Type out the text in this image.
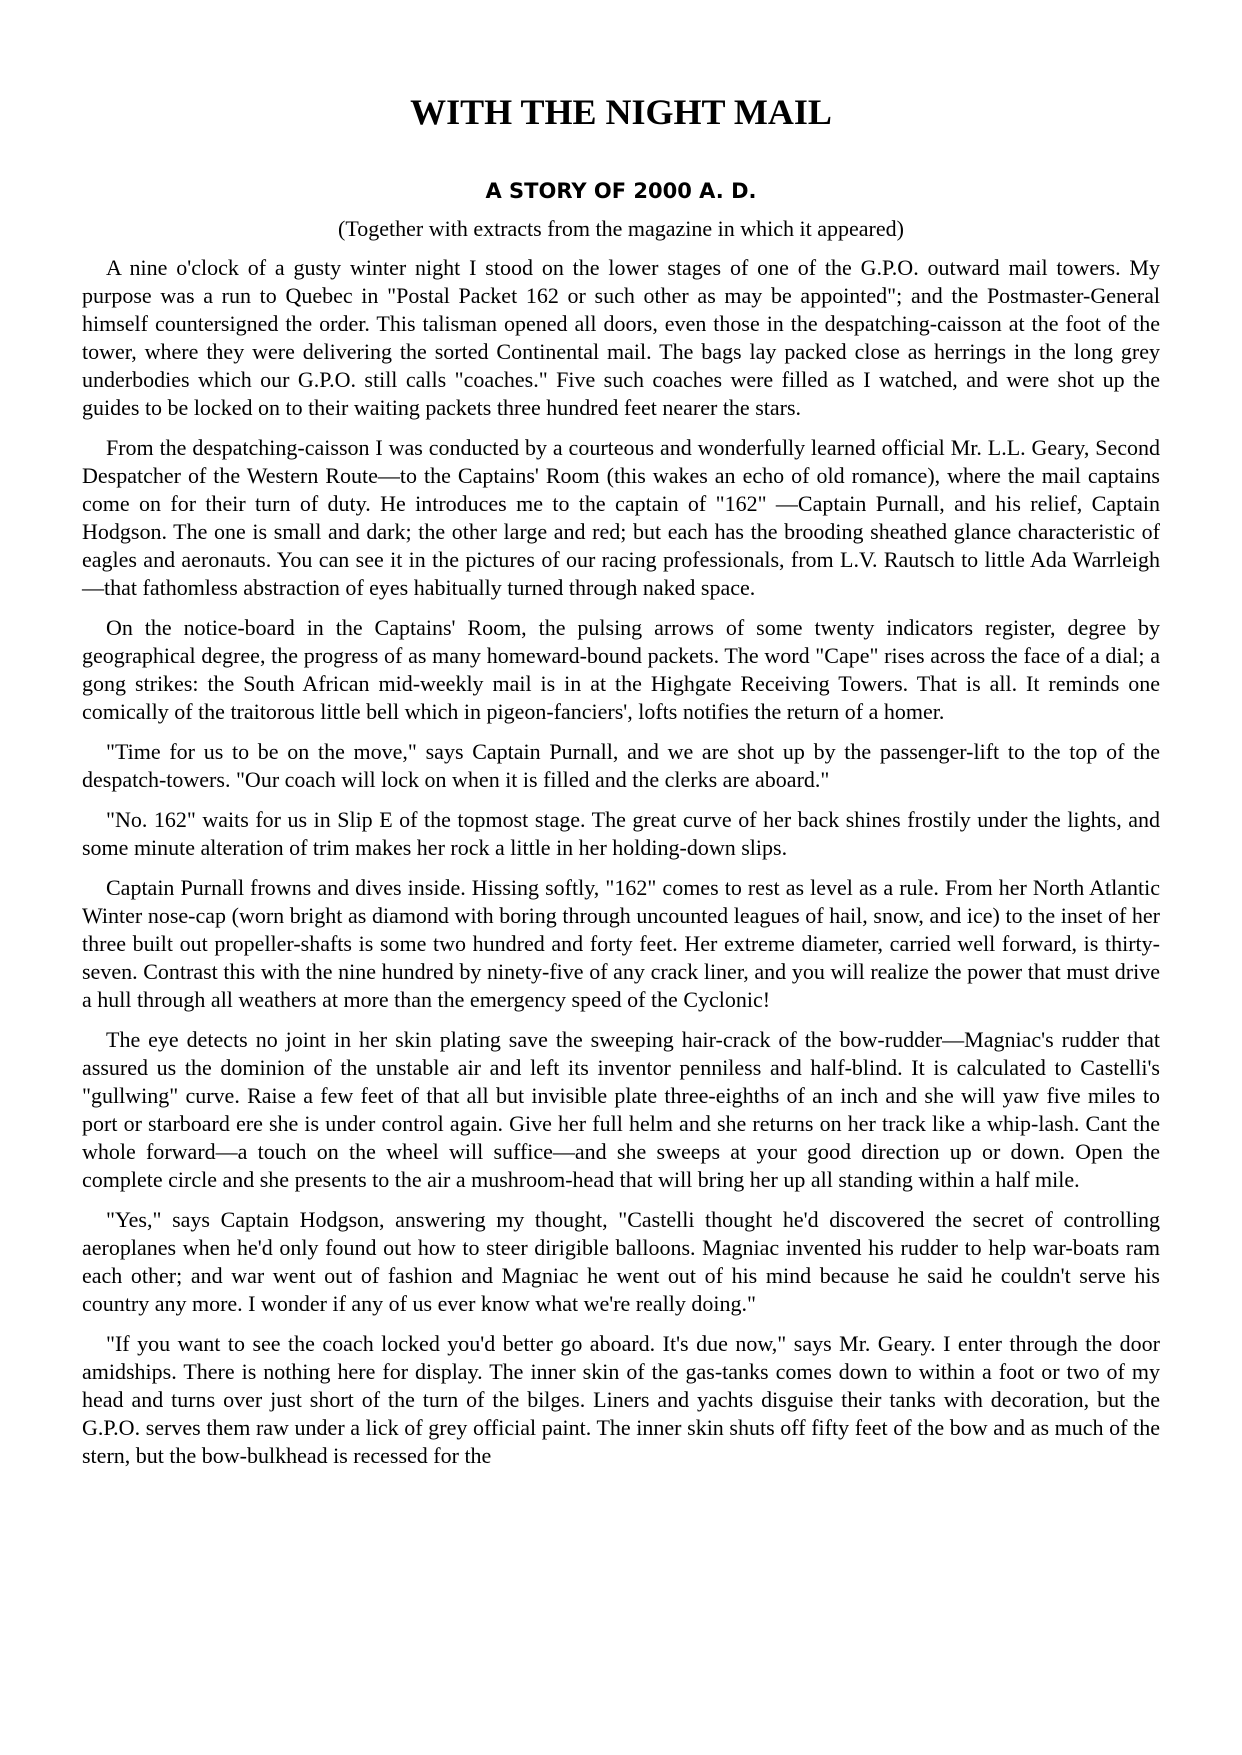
WITH THE NIGHT MAIL
A STORY OF 2000 A. D.

(Together with extracts from the magazine in which it appeared)

A nine o'clock of a gusty winter night I stood on the lower stages of one of the G.P.O. outward mail towers. My purpose was a run to Quebec in "Postal Packet 162 or such other as may be appointed"; and the Postmaster-General himself countersigned the order. This talisman opened all doors, even those in the despatching-caisson at the foot of the tower, where they were delivering the sorted Continental mail. The bags lay packed close as herrings in the long grey underbodies which our G.P.O. still calls "coaches." Five such coaches were filled as I watched, and were shot up the guides to be locked on to their waiting packets three hundred feet nearer the stars.

From the despatching-caisson I was conducted by a courteous and wonderfully learned official Mr. L.L. Geary, Second Despatcher of the Western Route—to the Captains' Room (this wakes an echo of old romance), where the mail captains come on for their turn of duty. He introduces me to the captain of "162" —Captain Purnall, and his relief, Captain Hodgson. The one is small and dark; the other large and red; but each has the brooding sheathed glance characteristic of eagles and aeronauts. You can see it in the pictures of our racing professionals, from L.V. Rautsch to little Ada Warrleigh—that fathomless abstraction of eyes habitually turned through naked space.

On the notice-board in the Captains' Room, the pulsing arrows of some twenty indicators register, degree by geographical degree, the progress of as many homeward-bound packets. The word "Cape" rises across the face of a dial; a gong strikes: the South African mid-weekly mail is in at the Highgate Receiving Towers. That is all. It reminds one comically of the traitorous little bell which in pigeon-fanciers', lofts notifies the return of a homer.

"Time for us to be on the move," says Captain Purnall, and we are shot up by the passenger-lift to the top of the despatch-towers. "Our coach will lock on when it is filled and the clerks are aboard."

"No. 162" waits for us in Slip E of the topmost stage. The great curve of her back shines frostily under the lights, and some minute alteration of trim makes her rock a little in her holding-down slips.

Captain Purnall frowns and dives inside. Hissing softly, "162" comes to rest as level as a rule. From her North Atlantic Winter nose-cap (worn bright as diamond with boring through uncounted leagues of hail, snow, and ice) to the inset of her three built out propeller-shafts is some two hundred and forty feet. Her extreme diameter, carried well forward, is thirty-seven. Contrast this with the nine hundred by ninety-five of any crack liner, and you will realize the power that must drive a hull through all weathers at more than the emergency speed of the Cyclonic!

The eye detects no joint in her skin plating save the sweeping hair-crack of the bow-rudder—Magniac's rudder that assured us the dominion of the unstable air and left its inventor penniless and half-blind. It is calculated to Castelli's "gullwing" curve. Raise a few feet of that all but invisible plate three-eighths of an inch and she will yaw five miles to port or starboard ere she is under control again. Give her full helm and she returns on her track like a whip-lash. Cant the whole forward—a touch on the wheel will suffice—and she sweeps at your good direction up or down. Open the complete circle and she presents to the air a mushroom-head that will bring her up all standing within a half mile.

"Yes," says Captain Hodgson, answering my thought, "Castelli thought he'd discovered the secret of controlling aeroplanes when he'd only found out how to steer dirigible balloons. Magniac invented his rudder to help war-boats ram each other; and war went out of fashion and Magniac he went out of his mind because he said he couldn't serve his country any more. I wonder if any of us ever know what we're really doing."

"If you want to see the coach locked you'd better go aboard. It's due now," says Mr. Geary. I enter through the door amidships. There is nothing here for display. The inner skin of the gas-tanks comes down to within a foot or two of my head and turns over just short of the turn of the bilges. Liners and yachts disguise their tanks with decoration, but the G.P.O. serves them raw under a lick of grey official paint. The inner skin shuts off fifty feet of the bow and as much of the stern, but the bow-bulkhead is recessed for the
